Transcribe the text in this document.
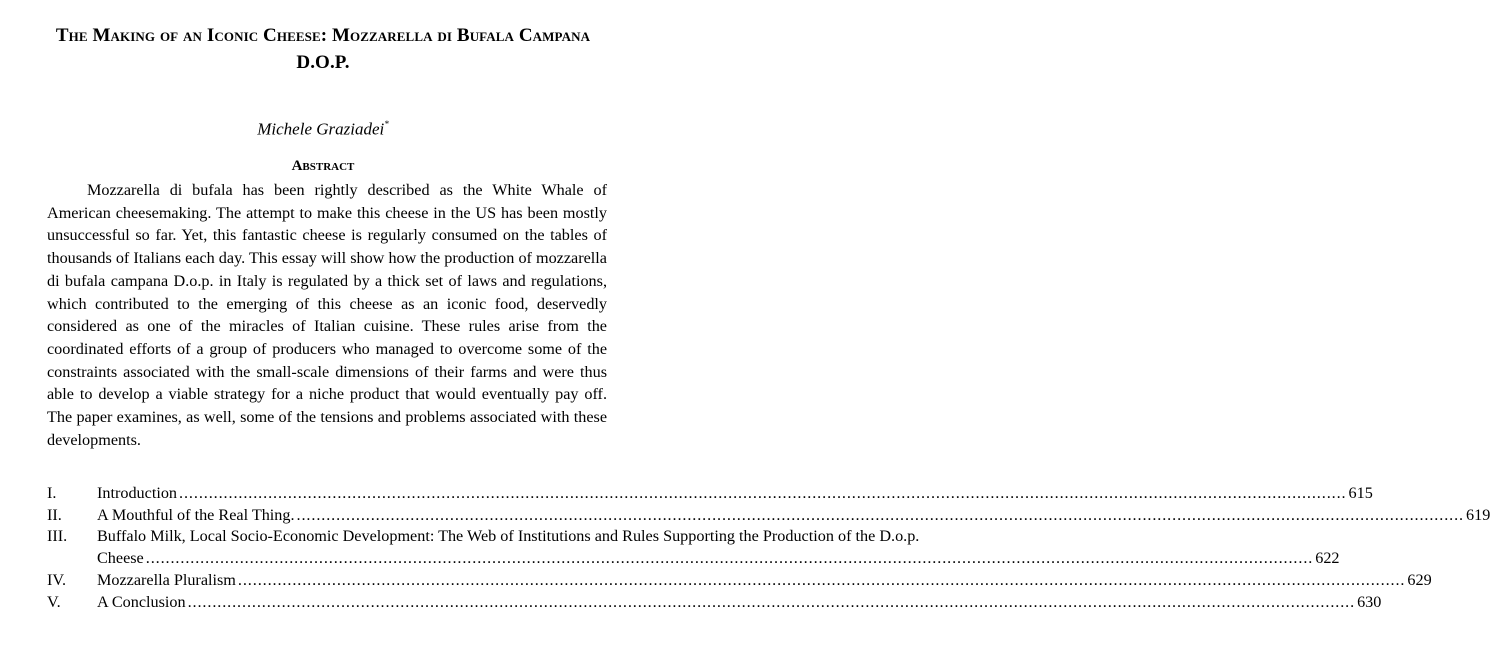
The Making of an Iconic Cheese: Mozzarella di Bufala Campana D.O.P.
Michele Graziadei*
Abstract
Mozzarella di bufala has been rightly described as the White Whale of American cheesemaking. The attempt to make this cheese in the US has been mostly unsuccessful so far. Yet, this fantastic cheese is regularly consumed on the tables of thousands of Italians each day. This essay will show how the production of mozzarella di bufala campana D.o.p. in Italy is regulated by a thick set of laws and regulations, which contributed to the emerging of this cheese as an iconic food, deservedly considered as one of the miracles of Italian cuisine. These rules arise from the coordinated efforts of a group of producers who managed to overcome some of the constraints associated with the small-scale dimensions of their farms and were thus able to develop a viable strategy for a niche product that would eventually pay off. The paper examines, as well, some of the tensions and problems associated with these developments.
I.	Introduction .....	615
II.	A Mouthful of the Real Thing. .....	619
III.	Buffalo Milk, Local Socio-Economic Development: The Web of Institutions and Rules Supporting the Production of the D.o.p.
Cheese .....	622
IV.	Mozzarella Pluralism .....	629
V.	A Conclusion .....	630
